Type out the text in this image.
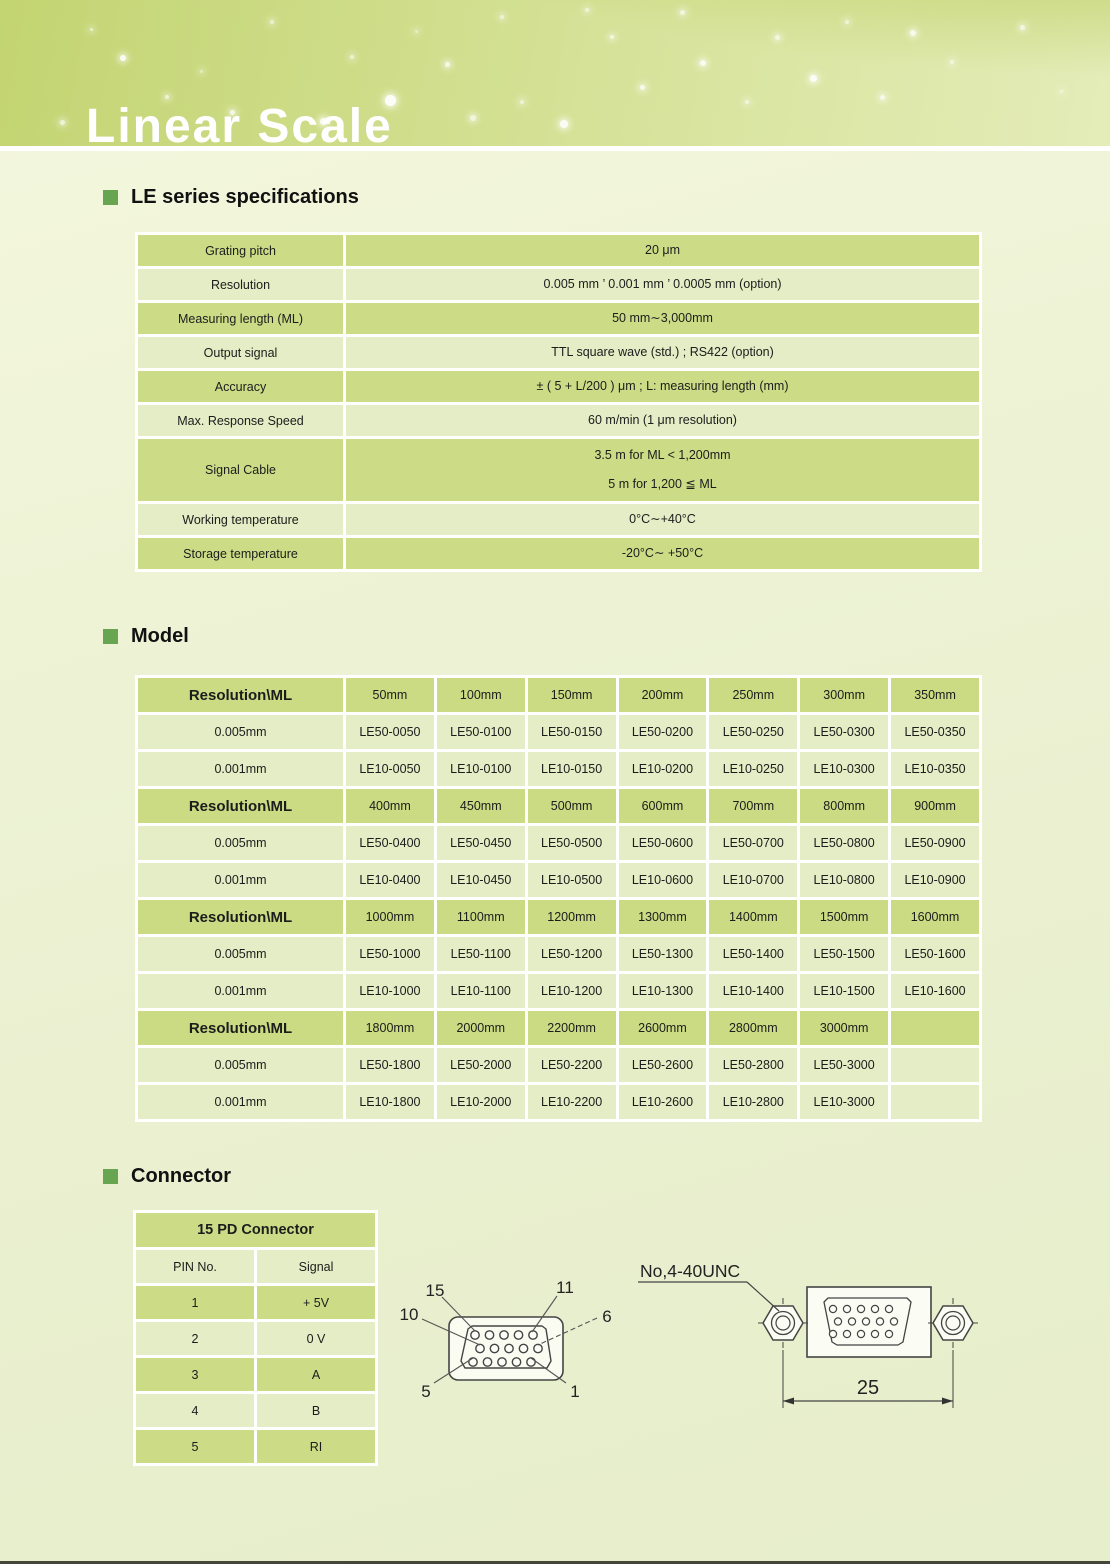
Linear Scale
LE series specifications
Grating pitch	20 μm

Resolution	0.005 mm ’ 0.001 mm ’ 0.0005 mm (option)

Measuring length (ML)	50 mm∼3,000mm

Output signal	TTL square wave (std.) ; RS422 (option)

Accuracy	± ( 5 + L/200 ) μm ; L: measuring length (mm)

Max. Response Speed	60 m/min (1 μm resolution)

Signal Cable	3.5 m for ML < 1,200mm
5 m for 1,200 ≦ ML

Working temperature	0°C∼+40°C

Storage temperature	-20°C∼ +50°C
Model
Resolution\ML	50mm	100mm	150mm	200mm	250mm	300mm	350mm
0.005mm	LE50-0050	LE50-0100	LE50-0150	LE50-0200	LE50-0250	LE50-0300	LE50-0350
0.001mm	LE10-0050	LE10-0100	LE10-0150	LE10-0200	LE10-0250	LE10-0300	LE10-0350
Resolution\ML	400mm	450mm	500mm	600mm	700mm	800mm	900mm
0.005mm	LE50-0400	LE50-0450	LE50-0500	LE50-0600	LE50-0700	LE50-0800	LE50-0900
0.001mm	LE10-0400	LE10-0450	LE10-0500	LE10-0600	LE10-0700	LE10-0800	LE10-0900
Resolution\ML	1000mm	1100mm	1200mm	1300mm	1400mm	1500mm	1600mm
0.005mm	LE50-1000	LE50-1100	LE50-1200	LE50-1300	LE50-1400	LE50-1500	LE50-1600
0.001mm	LE10-1000	LE10-1100	LE10-1200	LE10-1300	LE10-1400	LE10-1500	LE10-1600
Resolution\ML	1800mm	2000mm	2200mm	2600mm	2800mm	3000mm	
0.005mm	LE50-1800	LE50-2000	LE50-2200	LE50-2600	LE50-2800	LE50-3000	
0.001mm	LE10-1800	LE10-2000	LE10-2200	LE10-2600	LE10-2800	LE10-3000	
Connector
15 PD Connector	
PIN No.	Signal
1	+ 5V
2	0 V
3	A
4	B
5	RI
15
10
5
11
6
1
No,4-40UNC
25
